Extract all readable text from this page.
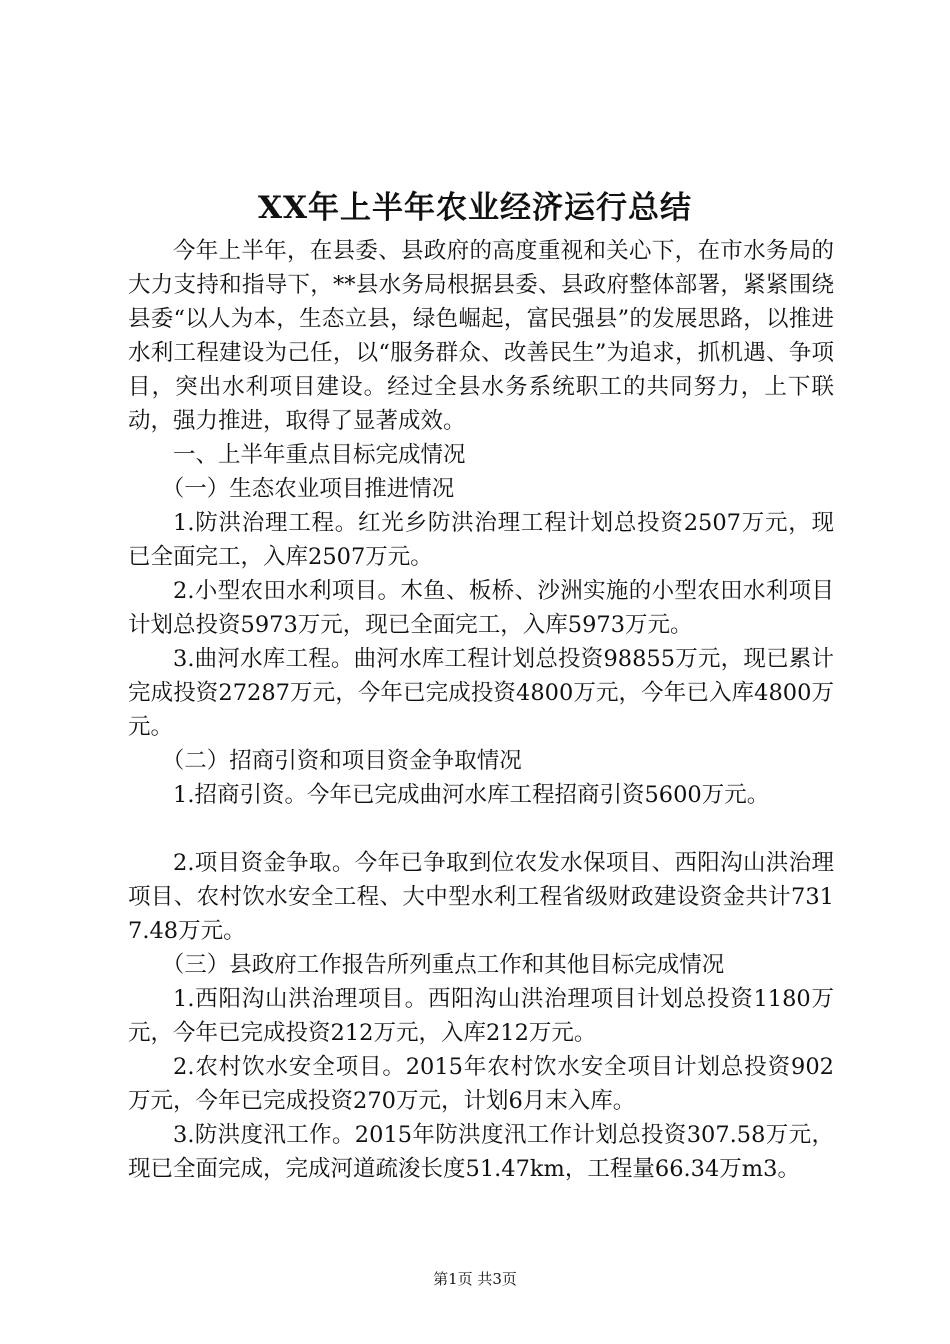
XX年上半年农业经济运行总结

今年上半年，在县委、县政府的高度重视和关心下，在市水务局的大力支持和指导下，**县水务局根据县委、县政府整体部署，紧紧围绕县委“以人为本，生态立县，绿色崛起，富民强县”的发展思路，以推进水利工程建设为己任，以“服务群众、改善民生”为追求，抓机遇、争项目，突出水利项目建设。经过全县水务系统职工的共同努力，上下联动，强力推进，取得了显著成效。

一、上半年重点目标完成情况

（一）生态农业项目推进情况

1.防洪治理工程。红光乡防洪治理工程计划总投资2507万元，现已全面完工，入库2507万元。

2.小型农田水利项目。木鱼、板桥、沙洲实施的小型农田水利项目计划总投资5973万元，现已全面完工，入库5973万元。

3.曲河水库工程。曲河水库工程计划总投资98855万元，现已累计完成投资27287万元，今年已完成投资4800万元，今年已入库4800万元。

（二）招商引资和项目资金争取情况

1.招商引资。今年已完成曲河水库工程招商引资5600万元。

2.项目资金争取。今年已争取到位农发水保项目、西阳沟山洪治理项目、农村饮水安全工程、大中型水利工程省级财政建设资金共计7317.48万元。

（三）县政府工作报告所列重点工作和其他目标完成情况

1.西阳沟山洪治理项目。西阳沟山洪治理项目计划总投资1180万元，今年已完成投资212万元，入库212万元。

2.农村饮水安全项目。2015年农村饮水安全项目计划总投资902万元，今年已完成投资270万元，计划6月末入库。

3.防洪度汛工作。2015年防洪度汛工作计划总投资307.58万元，现已全面完成，完成河道疏浚长度51.47km，工程量66.34万m3。

第1页 共3页
